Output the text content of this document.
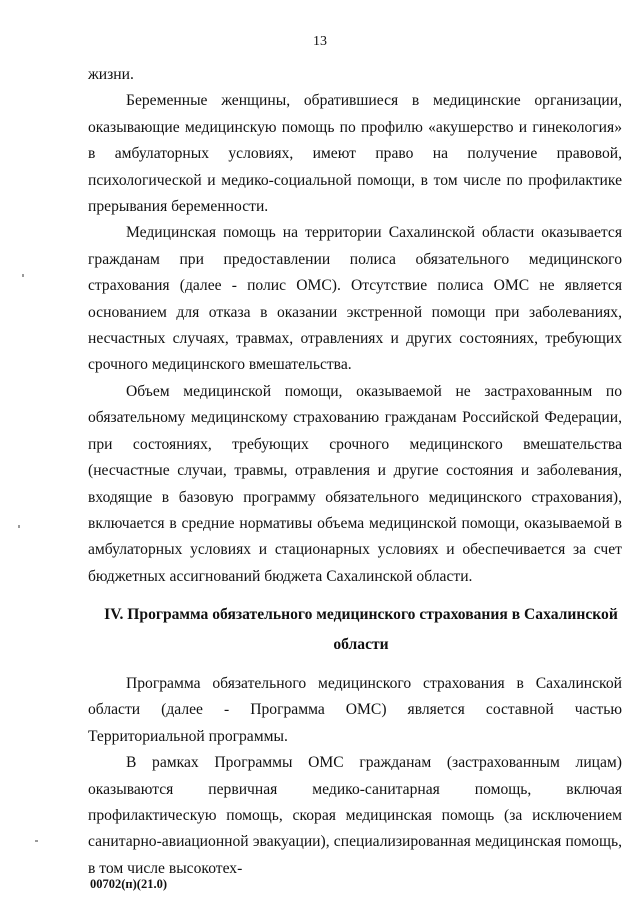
13

жизни.

Беременные женщины, обратившиеся в медицинские организации, оказывающие медицинскую помощь по профилю «акушерство и гинекология» в амбулаторных условиях, имеют право на получение правовой, психологической и медико-социальной помощи, в том числе по профилактике прерывания беременности.

Медицинская помощь на территории Сахалинской области оказывается гражданам при предоставлении полиса обязательного медицинского страхования (далее - полис ОМС). Отсутствие полиса ОМС не является основанием для отказа в оказании экстренной помощи при заболеваниях, несчастных случаях, травмах, отравлениях и других состояниях, требующих срочного медицинского вмешательства.

Объем медицинской помощи, оказываемой не застрахованным по обязательному медицинскому страхованию гражданам Российской Федерации, при состояниях, требующих срочного медицинского вмешательства (несчастные случаи, травмы, отравления и другие состояния и заболевания, входящие в базовую программу обязательного медицинского страхования), включается в средние нормативы объема медицинской помощи, оказываемой в амбулаторных условиях и стационарных условиях и обеспечивается за счет бюджетных ассигнований бюджета Сахалинской области.

IV. Программа обязательного медицинского страхования в Сахалинской области

Программа обязательного медицинского страхования в Сахалинской области (далее - Программа ОМС) является составной частью Территориальной программы.

В рамках Программы ОМС гражданам (застрахованным лицам) оказываются первичная медико-санитарная помощь, включая профилактическую помощь, скорая медицинская помощь (за исключением санитарно-авиационной эвакуации), специализированная медицинская помощь, в том числе высокотех-

00702(п)(21.0)
